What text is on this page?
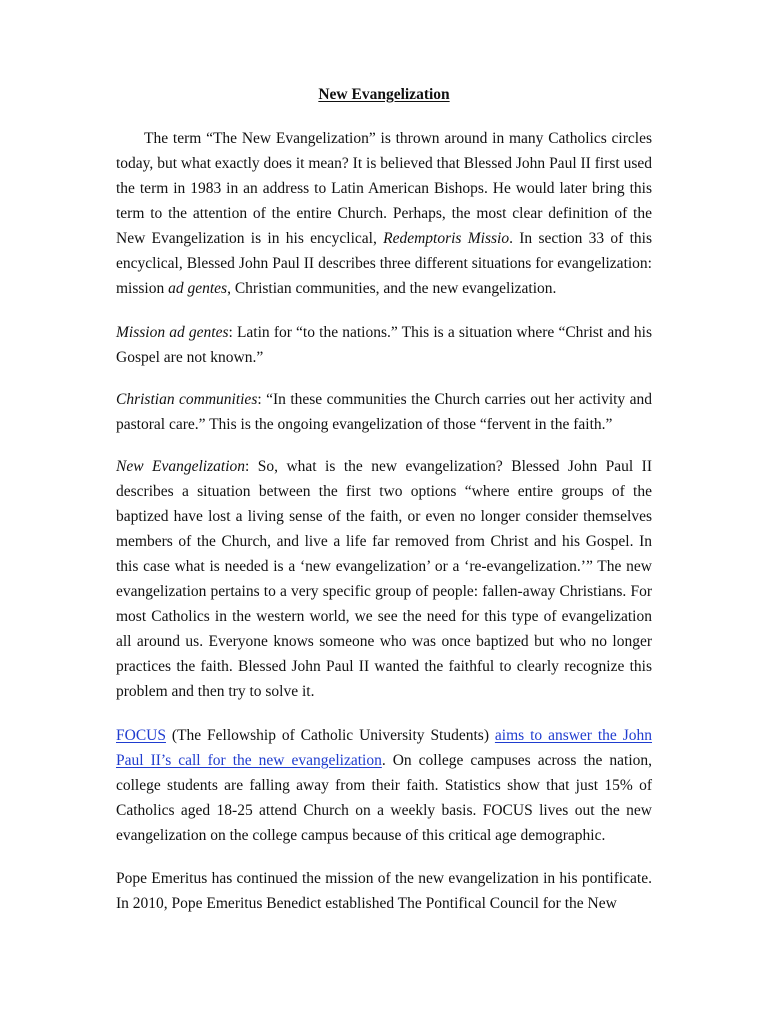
New Evangelization

The term “The New Evangelization” is thrown around in many Catholics circles today, but what exactly does it mean? It is believed that Blessed John Paul II first used the term in 1983 in an address to Latin American Bishops. He would later bring this term to the attention of the entire Church. Perhaps, the most clear definition of the New Evangelization is in his encyclical, Redemptoris Missio. In section 33 of this encyclical, Blessed John Paul II describes three different situations for evangelization: mission ad gentes, Christian communities, and the new evangelization.

Mission ad gentes: Latin for “to the nations.” This is a situation where “Christ and his Gospel are not known.”

Christian communities: “In these communities the Church carries out her activity and pastoral care.” This is the ongoing evangelization of those “fervent in the faith.”

New Evangelization: So, what is the new evangelization? Blessed John Paul II describes a situation between the first two options “where entire groups of the baptized have lost a living sense of the faith, or even no longer consider themselves members of the Church, and live a life far removed from Christ and his Gospel. In this case what is needed is a ‘new evangelization’ or a ‘re-evangelization.’” The new evangelization pertains to a very specific group of people: fallen-away Christians. For most Catholics in the western world, we see the need for this type of evangelization all around us. Everyone knows someone who was once baptized but who no longer practices the faith. Blessed John Paul II wanted the faithful to clearly recognize this problem and then try to solve it.

FOCUS (The Fellowship of Catholic University Students) aims to answer the John Paul II’s call for the new evangelization. On college campuses across the nation, college students are falling away from their faith. Statistics show that just 15% of Catholics aged 18-25 attend Church on a weekly basis. FOCUS lives out the new evangelization on the college campus because of this critical age demographic.

Pope Emeritus has continued the mission of the new evangelization in his pontificate. In 2010, Pope Emeritus Benedict established The Pontifical Council for the New
